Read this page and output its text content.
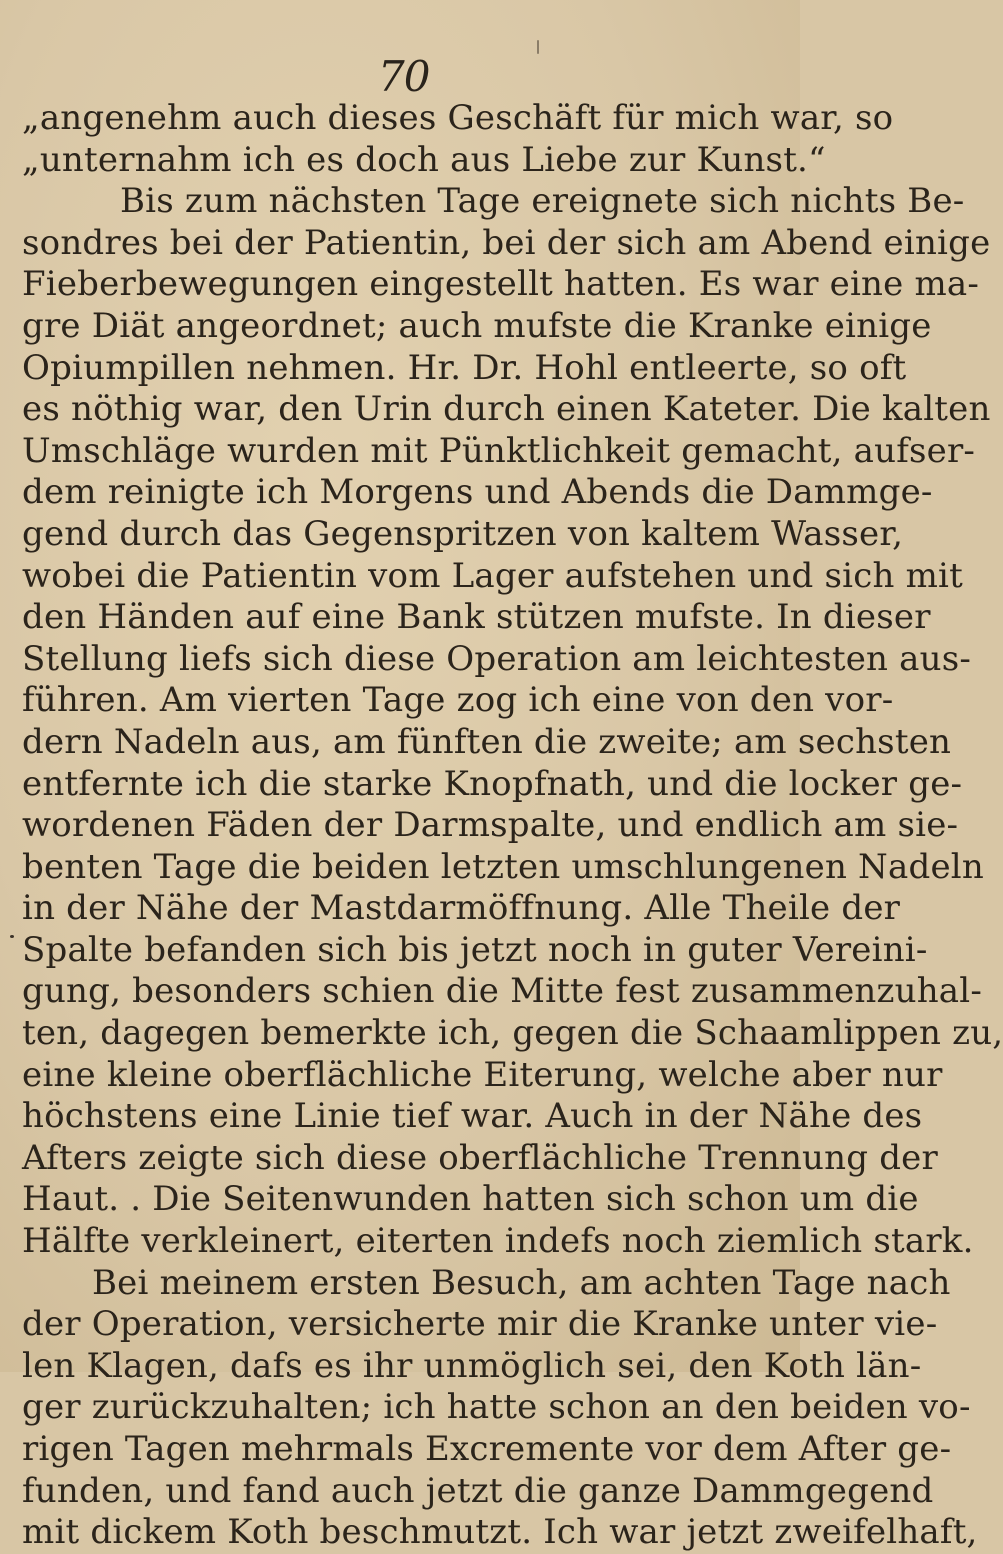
70
„angenehm auch dieses Geschäft für mich war, so
„unternahm ich es doch aus Liebe zur Kunst.“
Bis zum nächsten Tage ereignete sich nichts Be-
sondres bei der Patientin, bei der sich am Abend einige
Fieberbewegungen eingestellt hatten. Es war eine ma-
gre Diät angeordnet; auch mufste die Kranke einige
Opiumpillen nehmen. Hr. Dr. Hohl entleerte, so oft
es nöthig war, den Urin durch einen Kateter. Die kalten
Umschläge wurden mit Pünktlichkeit gemacht, aufser-
dem reinigte ich Morgens und Abends die Dammge-
gend durch das Gegenspritzen von kaltem Wasser,
wobei die Patientin vom Lager aufstehen und sich mit
den Händen auf eine Bank stützen mufste. In dieser
Stellung liefs sich diese Operation am leichtesten aus-
führen. Am vierten Tage zog ich eine von den vor-
dern Nadeln aus, am fünften die zweite; am sechsten
entfernte ich die starke Knopfnath, und die locker ge-
wordenen Fäden der Darmspalte, und endlich am sie-
benten Tage die beiden letzten umschlungenen Nadeln
in der Nähe der Mastdarmöffnung. Alle Theile der
Spalte befanden sich bis jetzt noch in guter Vereini-
gung, besonders schien die Mitte fest zusammenzuhal-
ten, dagegen bemerkte ich, gegen die Schaamlippen zu,
eine kleine oberflächliche Eiterung, welche aber nur
höchstens eine Linie tief war. Auch in der Nähe des
Afters zeigte sich diese oberflächliche Trennung der
Haut. . Die Seitenwunden hatten sich schon um die
Hälfte verkleinert, eiterten indefs noch ziemlich stark.
Bei meinem ersten Besuch, am achten Tage nach
der Operation, versicherte mir die Kranke unter vie-
len Klagen, dafs es ihr unmöglich sei, den Koth län-
ger zurückzuhalten; ich hatte schon an den beiden vo-
rigen Tagen mehrmals Excremente vor dem After ge-
funden, und fand auch jetzt die ganze Dammgegend
mit dickem Koth beschmutzt. Ich war jetzt zweifelhaft,
